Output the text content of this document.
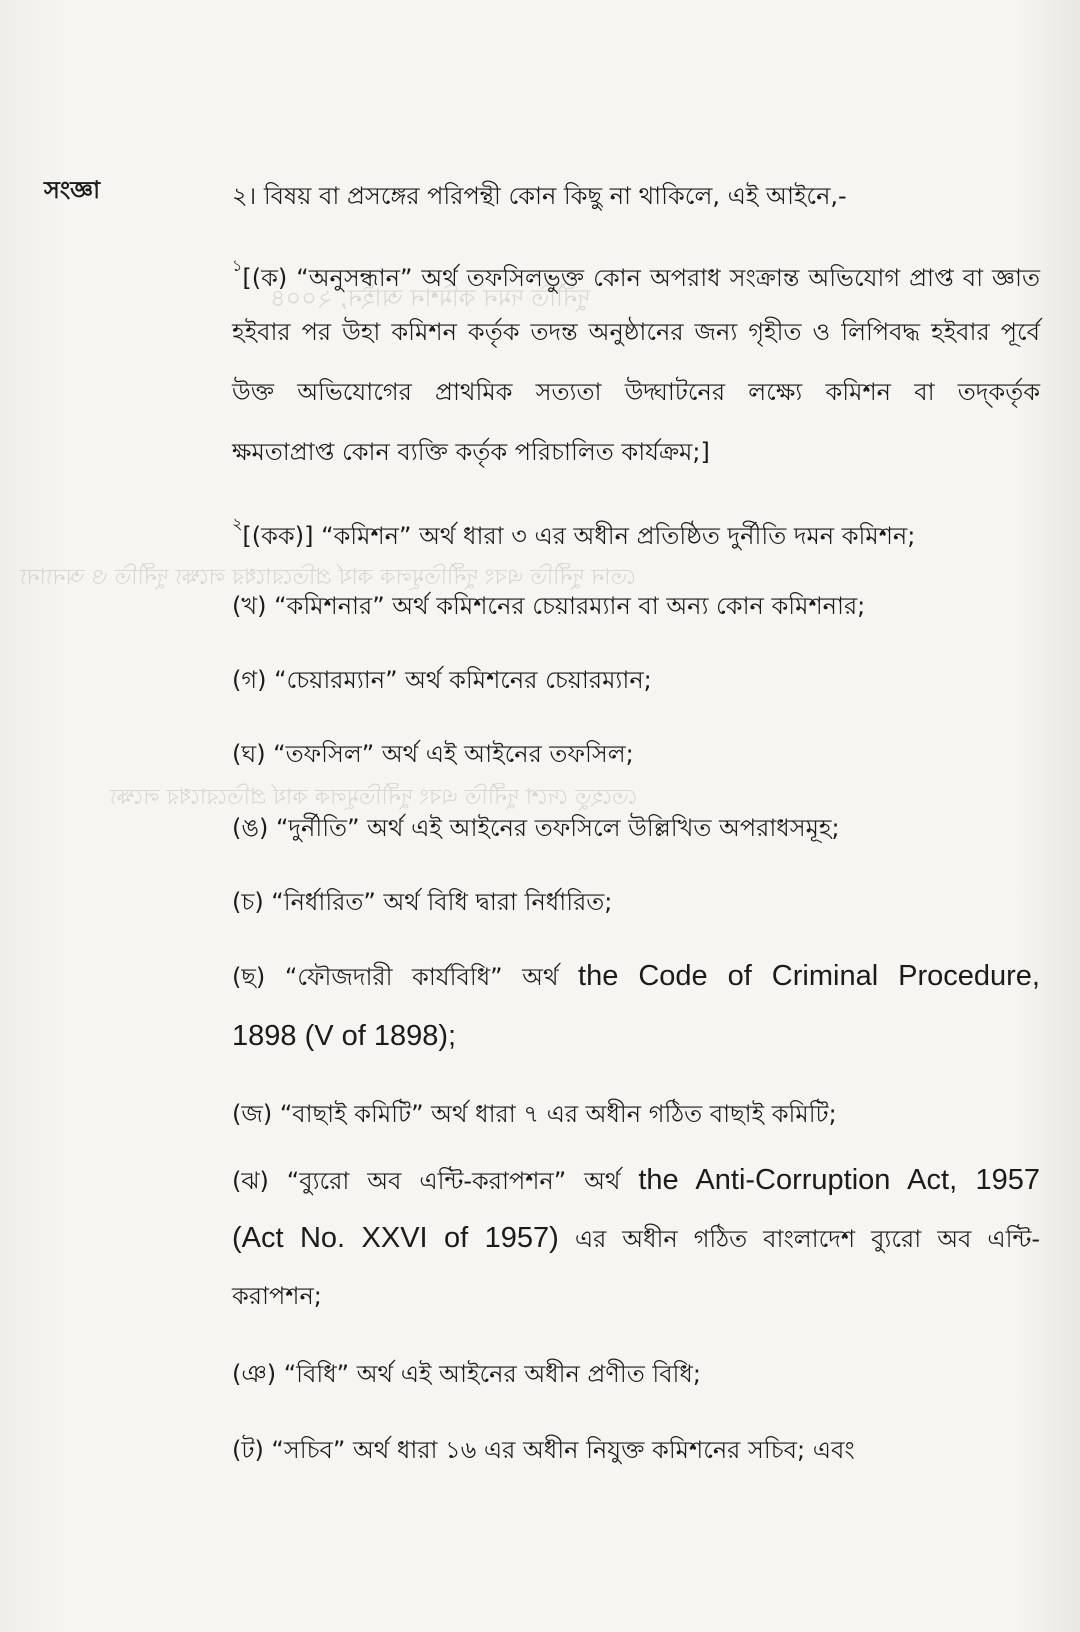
দুর্নীতি দমন কমিশন আইন, ২০০৪
তোন দুর্নীতি এবং দুর্নীতিমূলক কার্য প্রতিরোধের লক্ষ্যে দুর্নীতি ও অন্যান্য
তেহেতু দেশে দুর্নীতি এবং দুর্নীতিমূলক কার্য প্রতিরোধের লক্ষ্যে
সংজ্ঞা	২। বিষয় বা প্রসঙ্গের পরিপন্থী কোন কিছু না থাকিলে, এই আইনে,-
$^১$[(ক) “অনুসন্ধান” অর্থ তফসিলভুক্ত কোন অপরাধ সংক্রান্ত অভিযোগ প্রাপ্ত বা জ্ঞাত
হইবার পর উহা কমিশন কর্তৃক তদন্ত অনুষ্ঠানের জন্য গৃহীত ও লিপিবদ্ধ হইবার পূর্বে
উক্ত অভিযোগের প্রাথমিক সত্যতা উদ্ঘাটনের লক্ষ্যে কমিশন বা তদ্‌কর্তৃক
ক্ষমতাপ্রাপ্ত কোন ব্যক্তি কর্তৃক পরিচালিত কার্যক্রম;]
$^২$[(কক)] “কমিশন” অর্থ ধারা ৩ এর অধীন প্রতিষ্ঠিত দুর্নীতি দমন কমিশন;
(খ) “কমিশনার” অর্থ কমিশনের চেয়ারম্যান বা অন্য কোন কমিশনার;
(গ) “চেয়ারম্যান” অর্থ কমিশনের চেয়ারম্যান;
(ঘ) “তফসিল” অর্থ এই আইনের তফসিল;
(ঙ) “দুর্নীতি” অর্থ এই আইনের তফসিলে উল্লিখিত অপরাধসমূহ;
(চ) “নির্ধারিত” অর্থ বিধি দ্বারা নির্ধারিত;
(ছ) “ফৌজদারী কার্যবিধি” অর্থ the Code of Criminal Procedure,
1898 (V of 1898);
(জ) “বাছাই কমিটি” অর্থ ধারা ৭ এর অধীন গঠিত বাছাই কমিটি;
(ঝ) “ব্যুরো অব এন্টি-করাপশন” অর্থ the Anti-Corruption Act, 1957
(Act No. XXVI of 1957) এর অধীন গঠিত বাংলাদেশ ব্যুরো অব এন্টি-
করাপশন;
(ঞ) “বিধি” অর্থ এই আইনের অধীন প্রণীত বিধি;
(ট) “সচিব” অর্থ ধারা ১৬ এর অধীন নিযুক্ত কমিশনের সচিব; এবং
